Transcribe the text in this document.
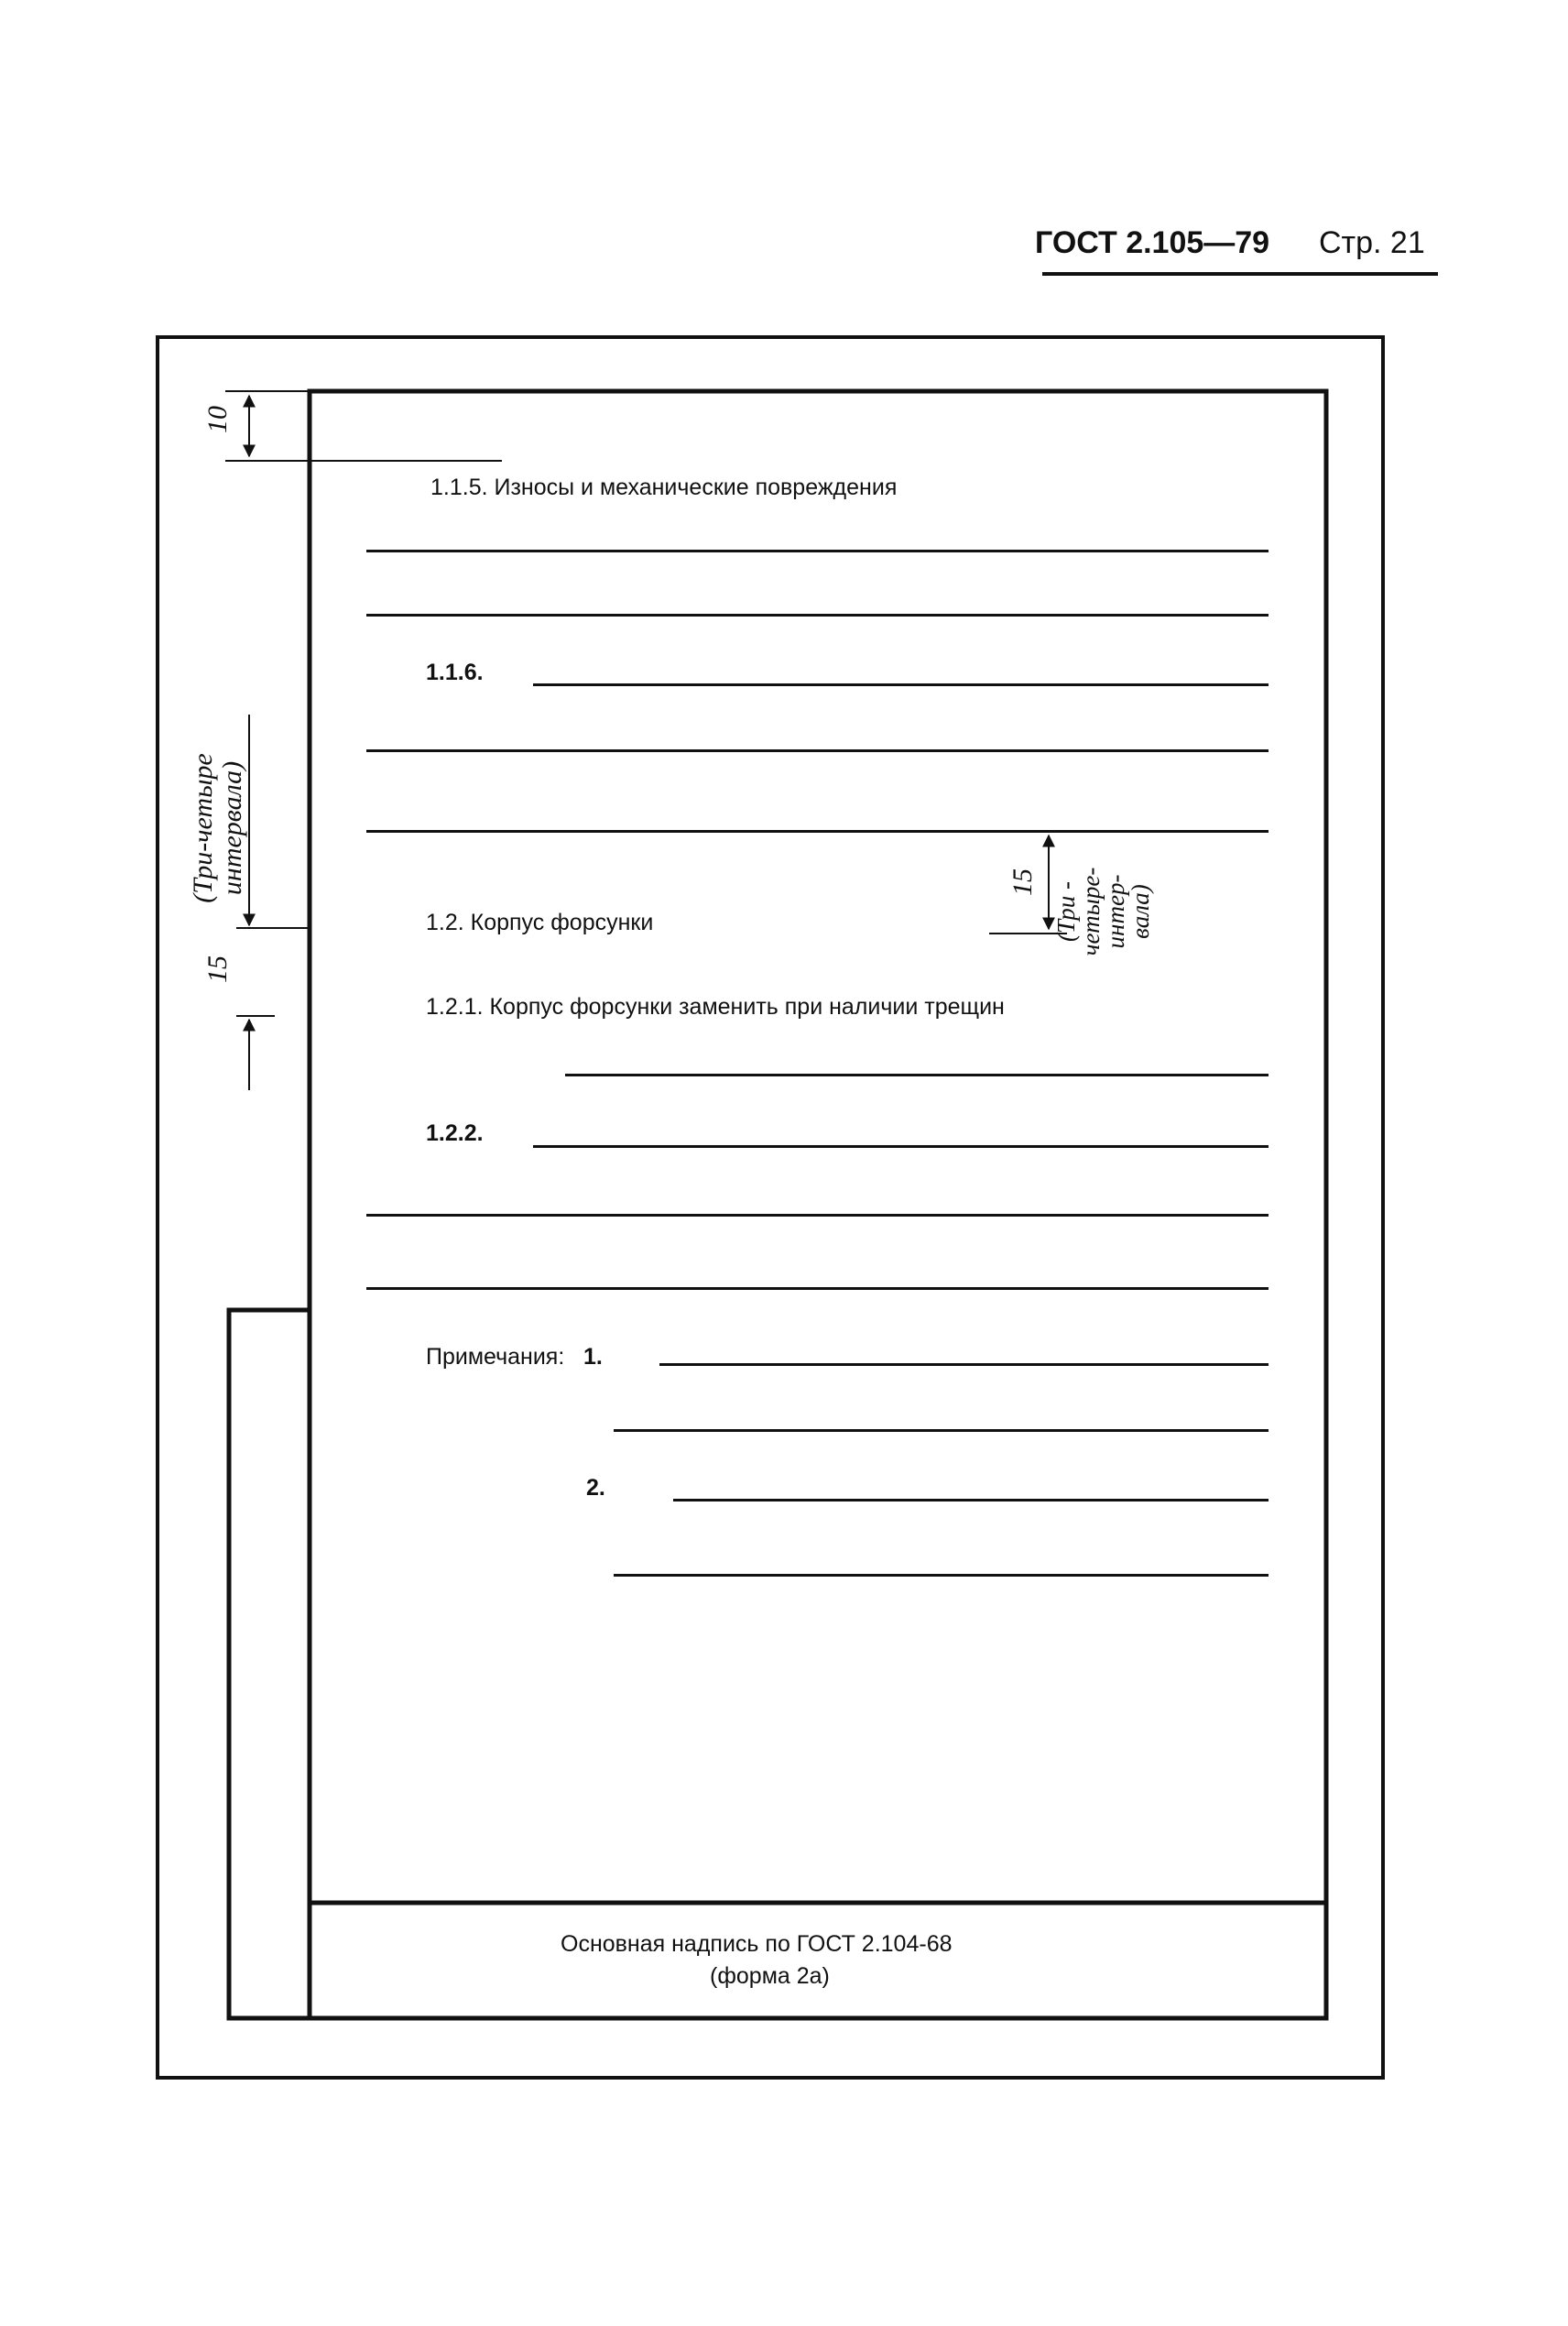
ГОСТ 2.105—79 Стр. 21
1.1.5. Износы и механические повреждения
1.1.6.
1.2. Корпус форсунки
1.2.1. Корпус форсунки заменить при наличии трещин
1.2.2.
Примечания: 1.
2.
Основная надпись по ГОСТ 2.104-68
(форма 2а)
10
15
(Три-четыре
интервала)	15 (Три -
четыре-
интер-
вала)
